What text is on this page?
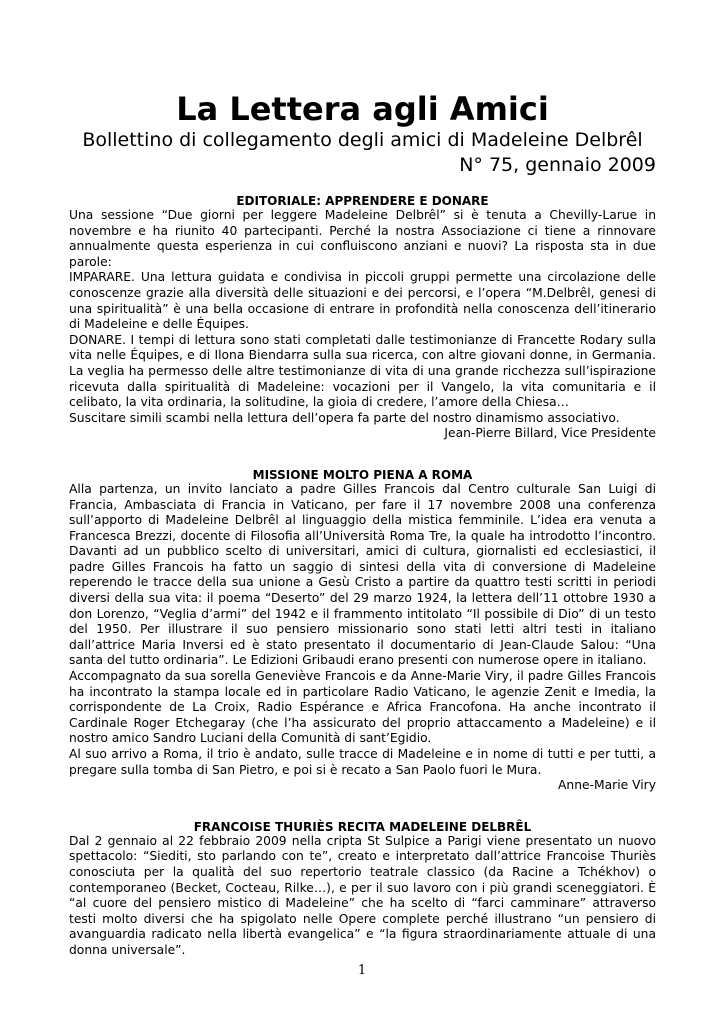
La Lettera agli Amici

Bollettino di collegamento degli amici di Madeleine Delbrêl

N° 75, gennaio 2009

EDITORIALE: APPRENDERE E DONARE

Una sessione “Due giorni per leggere Madeleine Delbrêl” si è tenuta a Chevilly-Larue in novembre e ha riunito 40 partecipanti. Perché la nostra Associazione ci tiene a rinnovare annualmente questa esperienza in cui confluiscono anziani e nuovi? La risposta sta in due parole:

IMPARARE. Una lettura guidata e condivisa in piccoli gruppi permette una circolazione delle conoscenze grazie alla diversità delle situazioni e dei percorsi, e l’opera “M.Delbrêl, genesi di una spiritualità” è una bella occasione di entrare in profondità nella conoscenza dell’itinerario di Madeleine e delle Équipes.

DONARE. I tempi di lettura sono stati completati dalle testimonianze di Francette Rodary sulla vita nelle Équipes, e di Ilona Biendarra sulla sua ricerca, con altre giovani donne, in Germania. La veglia ha permesso delle altre testimonianze di vita di una grande ricchezza sull’ispirazione ricevuta dalla spiritualità di Madeleine: vocazioni per il Vangelo, la vita comunitaria e il celibato, la vita ordinaria, la solitudine, la gioia di credere, l’amore della Chiesa…

Suscitare simili scambi nella lettura dell’opera fa parte del nostro dinamismo associativo.

Jean-Pierre Billard, Vice Presidente

MISSIONE MOLTO PIENA A ROMA

Alla partenza, un invito lanciato a padre Gilles Francois dal Centro culturale San Luigi di Francia, Ambasciata di Francia in Vaticano, per fare il 17 novembre 2008 una conferenza sull’apporto di Madeleine Delbrêl al linguaggio della mistica femminile. L’idea era venuta a Francesca Brezzi, docente di Filosofia all’Università Roma Tre, la quale ha introdotto l’incontro. Davanti ad un pubblico scelto di universitari, amici di cultura, giornalisti ed ecclesiastici, il padre Gilles Francois ha fatto un saggio di sintesi della vita di conversione di Madeleine reperendo le tracce della sua unione a Gesù Cristo a partire da quattro testi scritti in periodi diversi della sua vita: il poema “Deserto” del 29 marzo 1924, la lettera dell’11 ottobre 1930 a don Lorenzo, “Veglia d’armi” del 1942 e il frammento intitolato “Il possibile di Dio” di un testo del 1950. Per illustrare il suo pensiero missionario sono stati letti altri testi in italiano dall’attrice Maria Inversi ed è stato presentato il documentario di Jean-Claude Salou: “Una santa del tutto ordinaria”. Le Edizioni Gribaudi erano presenti con numerose opere in italiano.

Accompagnato da sua sorella Geneviève Francois e da Anne-Marie Viry, il padre Gilles Francois ha incontrato la stampa locale ed in particolare Radio Vaticano, le agenzie Zenit e Imedia, la corrispondente de La Croix, Radio Espérance e Africa Francofona. Ha anche incontrato il Cardinale Roger Etchegaray (che l’ha assicurato del proprio attaccamento a Madeleine) e il nostro amico Sandro Luciani della Comunità di sant’Egidio.

Al suo arrivo a Roma, il trio è andato, sulle tracce di Madeleine e in nome di tutti e per tutti, a pregare sulla tomba di San Pietro, e poi si è recato a San Paolo fuori le Mura.

Anne-Marie Viry

FRANCOISE THURIÈS RECITA MADELEINE DELBRÊL

Dal 2 gennaio al 22 febbraio 2009 nella cripta St Sulpice a Parigi viene presentato un nuovo spettacolo: “Siediti, sto parlando con te”, creato e interpretato dall’attrice Francoise Thuriès conosciuta per la qualità del suo repertorio teatrale classico (da Racine a Tchékhov) o contemporaneo (Becket, Cocteau, Rilke…), e per il suo lavoro con i più grandi sceneggiatori. È “al cuore del pensiero mistico di Madeleine” che ha scelto di “farci camminare” attraverso testi molto diversi che ha spigolato nelle Opere complete perché illustrano “un pensiero di avanguardia radicato nella libertà evangelica” e “la figura straordinariamente attuale di una donna universale”.

1
